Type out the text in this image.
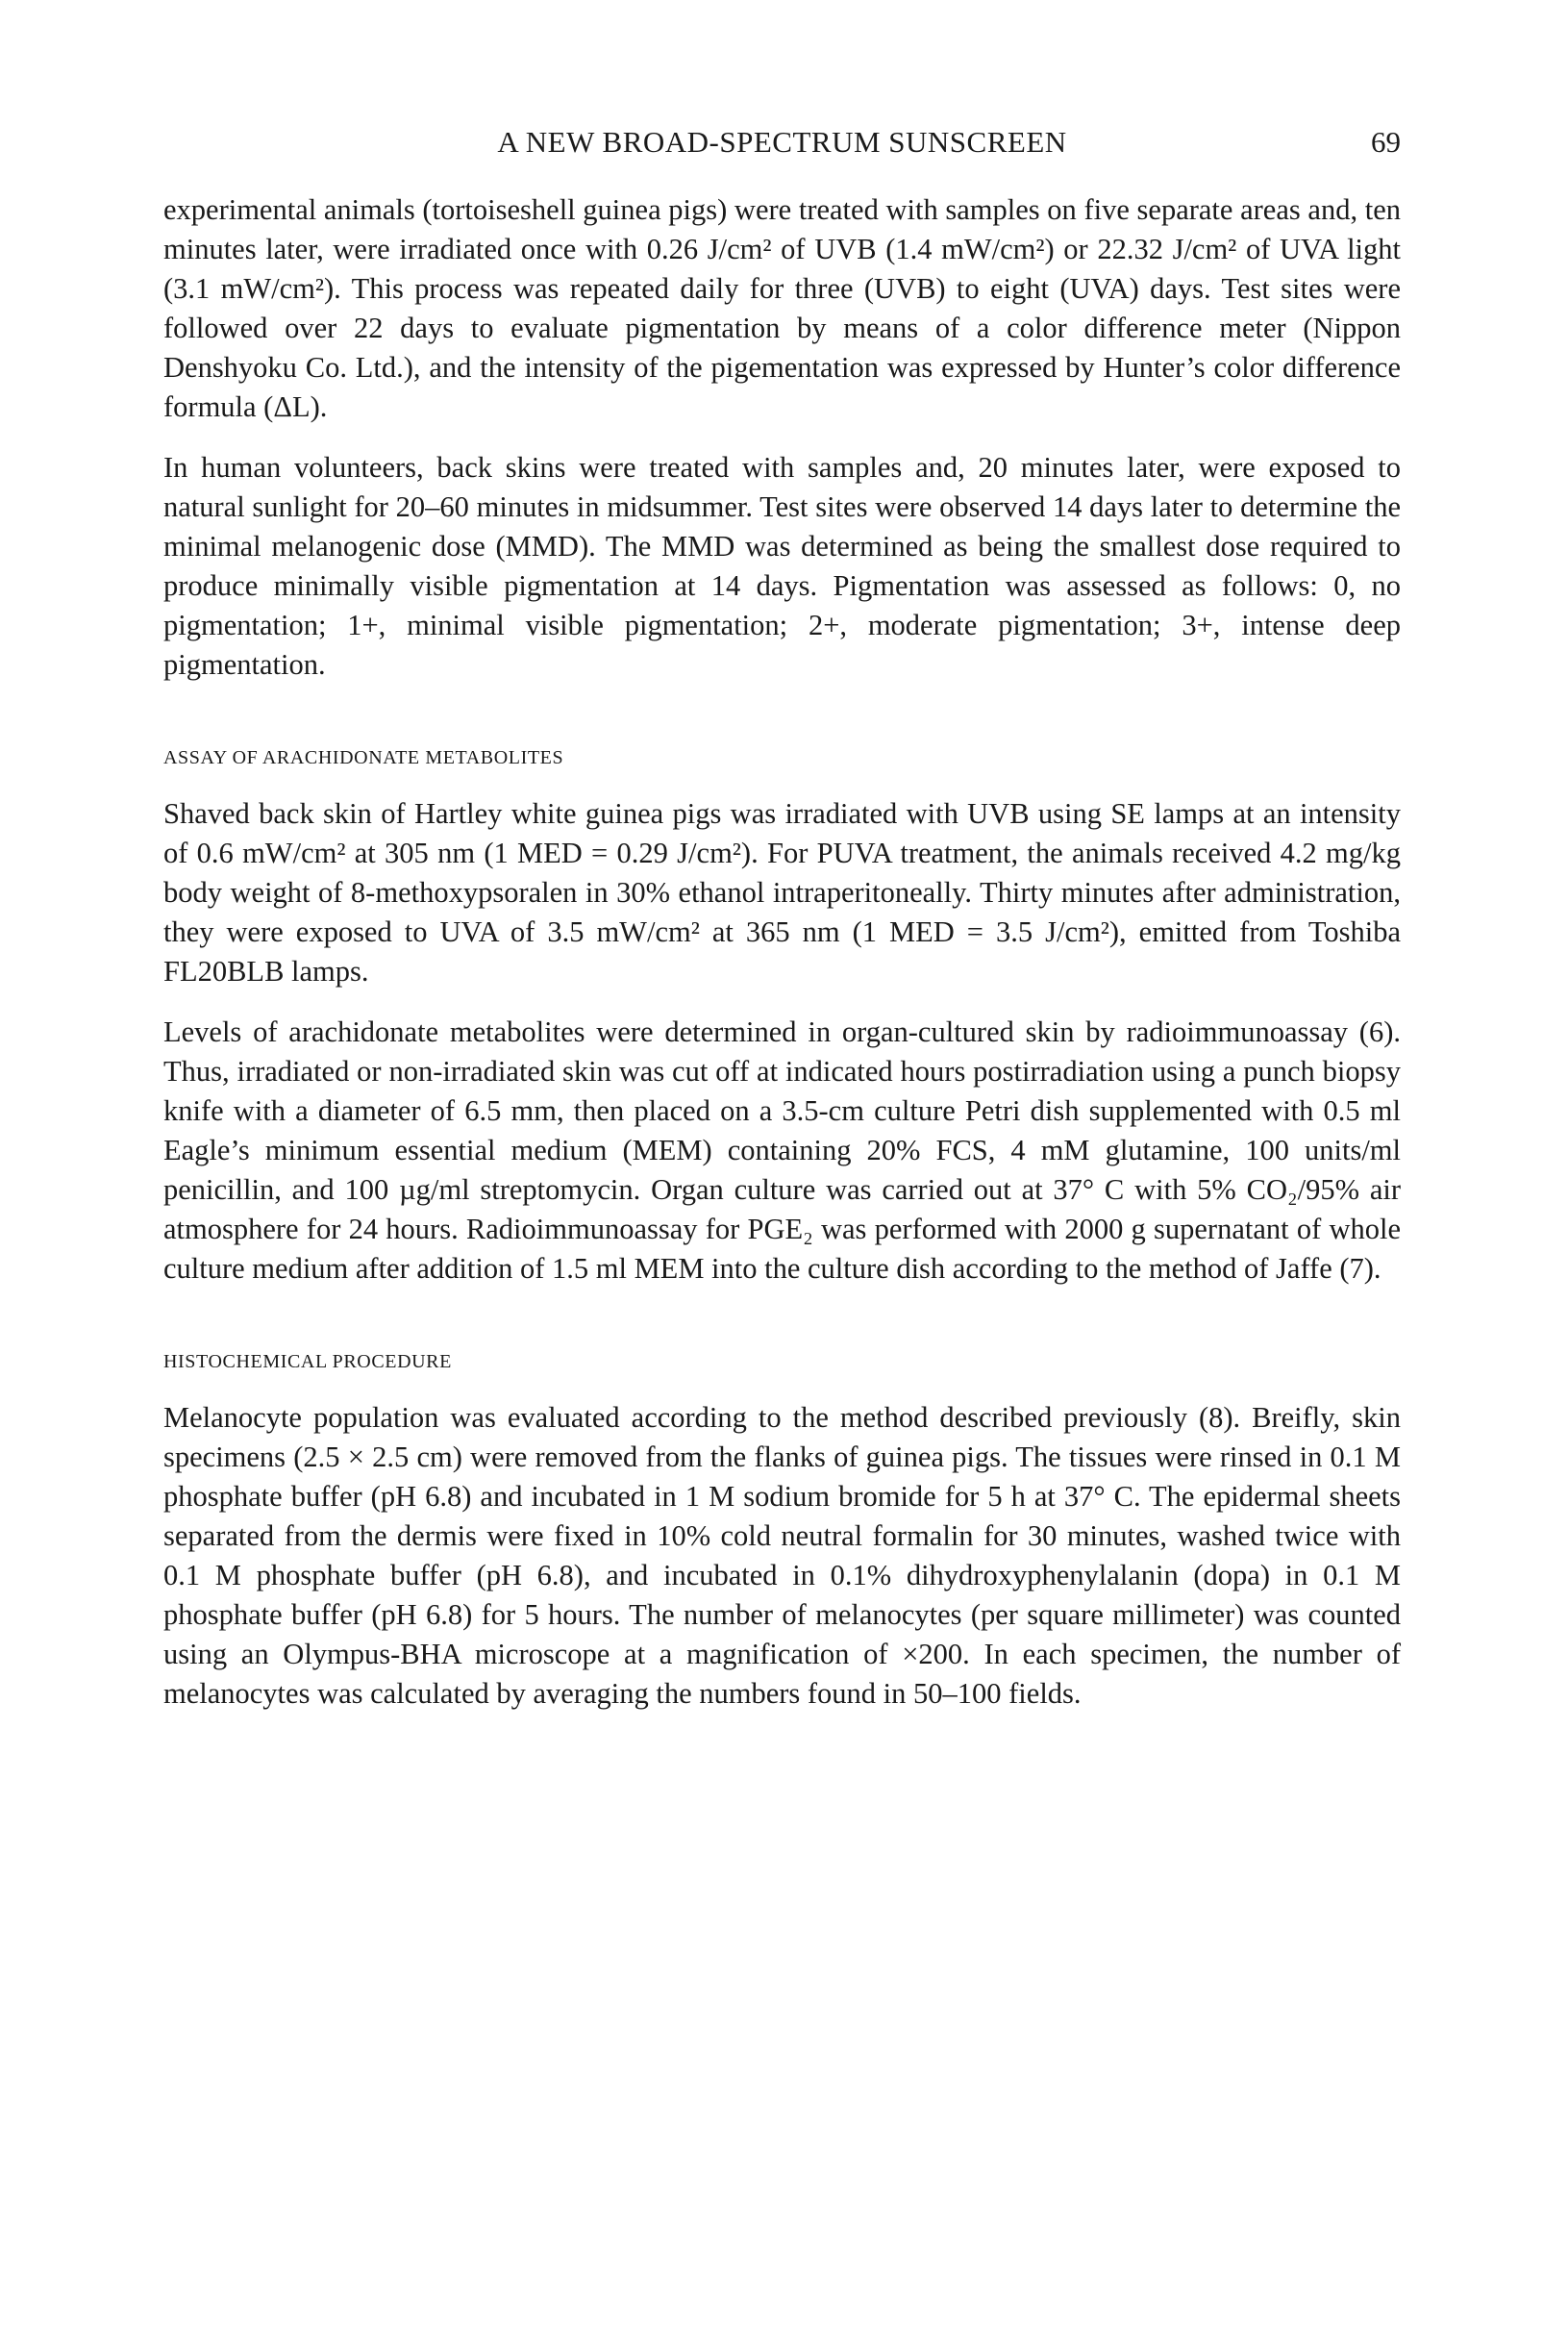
A NEW BROAD-SPECTRUM SUNSCREEN	69

experimental animals (tortoiseshell guinea pigs) were treated with samples on five separate areas and, ten minutes later, were irradiated once with 0.26 J/cm² of UVB (1.4 mW/cm²) or 22.32 J/cm² of UVA light (3.1 mW/cm²). This process was repeated daily for three (UVB) to eight (UVA) days. Test sites were followed over 22 days to evaluate pigmentation by means of a color difference meter (Nippon Denshyoku Co. Ltd.), and the intensity of the pigementation was expressed by Hunter’s color difference formula (ΔL).

In human volunteers, back skins were treated with samples and, 20 minutes later, were exposed to natural sunlight for 20–60 minutes in midsummer. Test sites were observed 14 days later to determine the minimal melanogenic dose (MMD). The MMD was determined as being the smallest dose required to produce minimally visible pigmentation at 14 days. Pigmentation was assessed as follows: 0, no pigmentation; 1+, minimal visible pigmentation; 2+, moderate pigmentation; 3+, intense deep pigmentation.

ASSAY OF ARACHIDONATE METABOLITES

Shaved back skin of Hartley white guinea pigs was irradiated with UVB using SE lamps at an intensity of 0.6 mW/cm² at 305 nm (1 MED = 0.29 J/cm²). For PUVA treatment, the animals received 4.2 mg/kg body weight of 8-methoxypsoralen in 30% ethanol intraperitoneally. Thirty minutes after administration, they were exposed to UVA of 3.5 mW/cm² at 365 nm (1 MED = 3.5 J/cm²), emitted from Toshiba FL20BLB lamps.

Levels of arachidonate metabolites were determined in organ-cultured skin by radioimmunoassay (6). Thus, irradiated or non-irradiated skin was cut off at indicated hours postirradiation using a punch biopsy knife with a diameter of 6.5 mm, then placed on a 3.5-cm culture Petri dish supplemented with 0.5 ml Eagle’s minimum essential medium (MEM) containing 20% FCS, 4 mM glutamine, 100 units/ml penicillin, and 100 µg/ml streptomycin. Organ culture was carried out at 37° C with 5% CO₂/95% air atmosphere for 24 hours. Radioimmunoassay for PGE₂ was performed with 2000 g supernatant of whole culture medium after addition of 1.5 ml MEM into the culture dish according to the method of Jaffe (7).

HISTOCHEMICAL PROCEDURE

Melanocyte population was evaluated according to the method described previously (8). Breifly, skin specimens (2.5 × 2.5 cm) were removed from the flanks of guinea pigs. The tissues were rinsed in 0.1 M phosphate buffer (pH 6.8) and incubated in 1 M sodium bromide for 5 h at 37° C. The epidermal sheets separated from the dermis were fixed in 10% cold neutral formalin for 30 minutes, washed twice with 0.1 M phosphate buffer (pH 6.8), and incubated in 0.1% dihydroxyphenylalanin (dopa) in 0.1 M phosphate buffer (pH 6.8) for 5 hours. The number of melanocytes (per square millimeter) was counted using an Olympus-BHA microscope at a magnification of ×200. In each specimen, the number of melanocytes was calculated by averaging the numbers found in 50–100 fields.
